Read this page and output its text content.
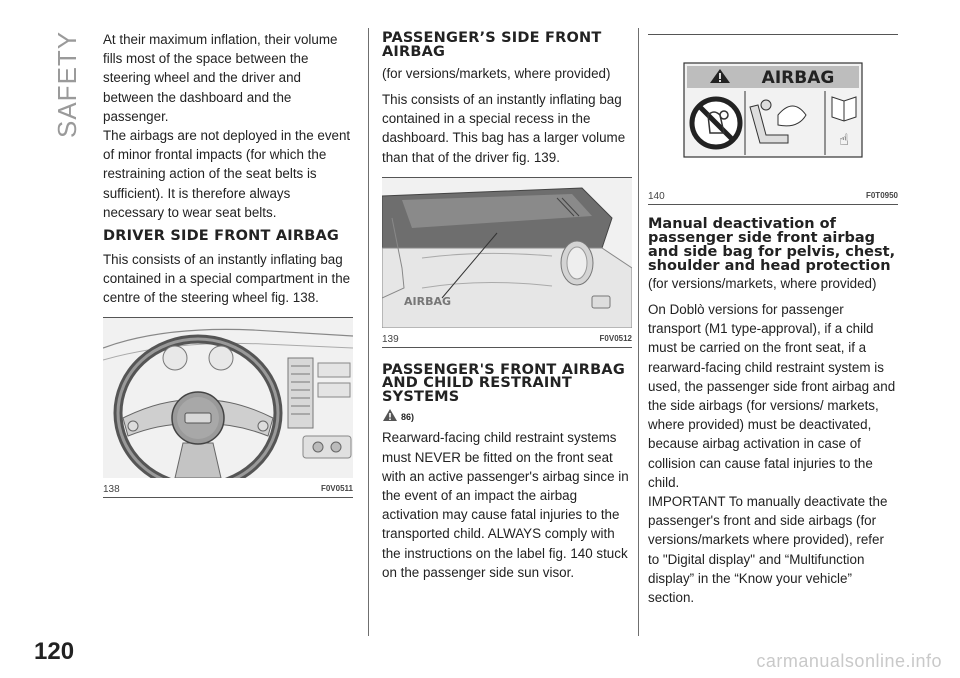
SAFETY At their maximum inflation, their volume fills most of the space between the steering wheel and the driver and between the dashboard and the passenger.

The airbags are not deployed in the event of minor frontal impacts (for which the restraining action of the seat belts is sufficient). It is therefore always necessary to wear seat belts.

DRIVER SIDE FRONT AIRBAG

This consists of an instantly inflating bag contained in a special compartment in the centre of the steering wheel fig. 138.

138	F0V0511
PASSENGER’S SIDE FRONT AIRBAG
(for versions/markets, where provided)

This consists of an instantly inflating bag contained in a special recess in the dashboard. This bag has a larger volume than that of the driver fig. 139.

AIRBAG
139	F0V0512
PASSENGER'S FRONT AIRBAG AND CHILD RESTRAINT SYSTEMS
86)

Rearward-facing child restraint systems must NEVER be fitted on the front seat with an active passenger's airbag since in the event of an impact the airbag activation may cause fatal injuries to the transported child. ALWAYS comply with the instructions on the label fig. 140 stuck on the passenger side sun visor.

AIRBAG
☝
140	F0T0950
Manual deactivation of passenger side front airbag and side bag for pelvis, chest, shoulder and head protection
(for versions/markets, where provided)

On Doblò versions for passenger transport (M1 type-approval), if a child must be carried on the front seat, if a rearward-facing child restraint system is used, the passenger side front airbag and the side airbags (for versions/ markets, where provided) must be deactivated, because airbag activation in case of collision can cause fatal injuries to the child.

IMPORTANT To manually deactivate the passenger's front and side airbags (for versions/markets where provided), refer to "Digital display" and “Multifunction display” in the “Know your vehicle” section.

120	carmanualsonline.info
